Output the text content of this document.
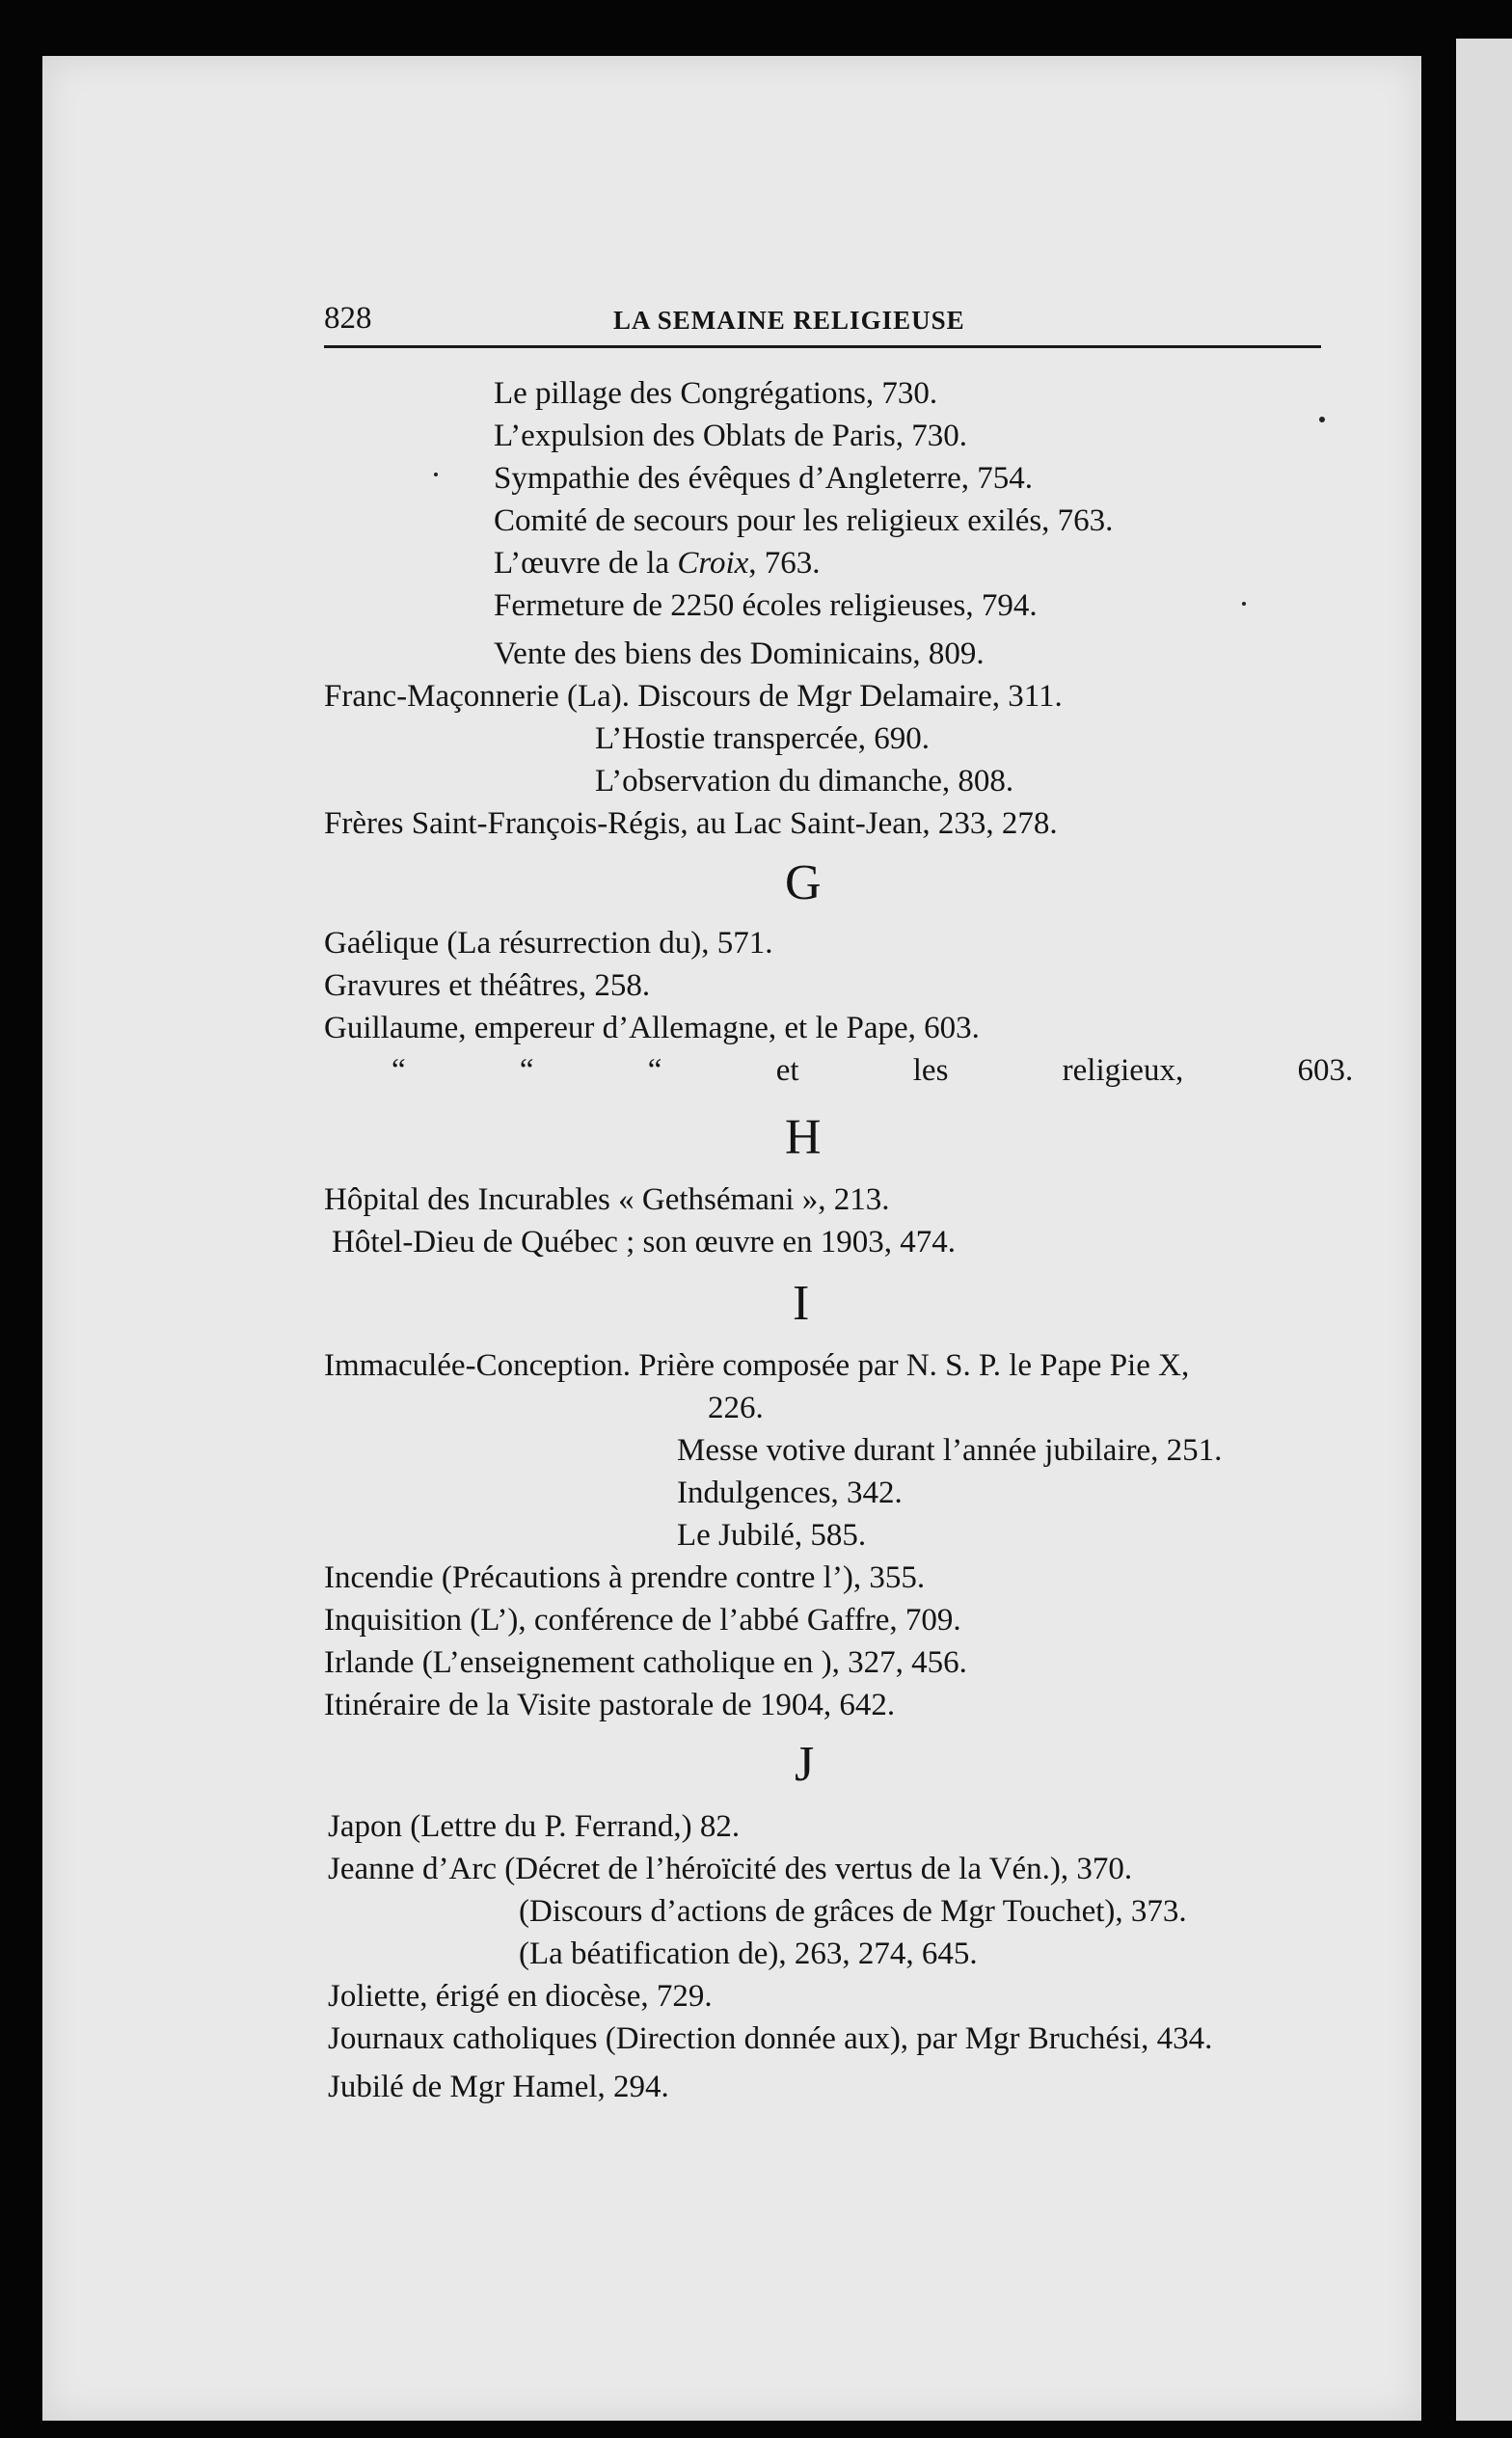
828	LA SEMAINE RELIGIEUSE
Le pillage des Congrégations, 730.
L’expulsion des Oblats de Paris, 730.
Sympathie des évêques d’Angleterre, 754.
Comité de secours pour les religieux exilés, 763.
L’œuvre de la Croix, 763.
Fermeture de 2250 écoles religieuses, 794.
Vente des biens des Dominicains, 809.
Franc-Maçonnerie (La). Discours de Mgr Delamaire, 311.
L’Hostie transpercée, 690.
L’observation du dimanche, 808.
Frères Saint-François-Régis, au Lac Saint-Jean, 233, 278.
G
Gaélique (La résurrection du), 571.
Gravures et théâtres, 258.
Guillaume, empereur d’Allemagne, et le Pape, 603.
“ “ “ et les religieux, 603.
H
Hôpital des Incurables « Gethsémani », 213.
Hôtel-Dieu de Québec ; son œuvre en 1903, 474.
I
Immaculée-Conception. Prière composée par N. S. P. le Pape Pie X,
226.
Messe votive durant l’année jubilaire, 251.
Indulgences, 342.
Le Jubilé, 585.
Incendie (Précautions à prendre contre l’), 355.
Inquisition (L’), conférence de l’abbé Gaffre, 709.
Irlande (L’enseignement catholique en ), 327, 456.
Itinéraire de la Visite pastorale de 1904, 642.
J
Japon (Lettre du P. Ferrand,) 82.
Jeanne d’Arc (Décret de l’héroïcité des vertus de la Vén.), 370.
(Discours d’actions de grâces de Mgr Touchet), 373.
(La béatification de), 263, 274, 645.
Joliette, érigé en diocèse, 729.
Journaux catholiques (Direction donnée aux), par Mgr Bruchési, 434.
Jubilé de Mgr Hamel, 294.
